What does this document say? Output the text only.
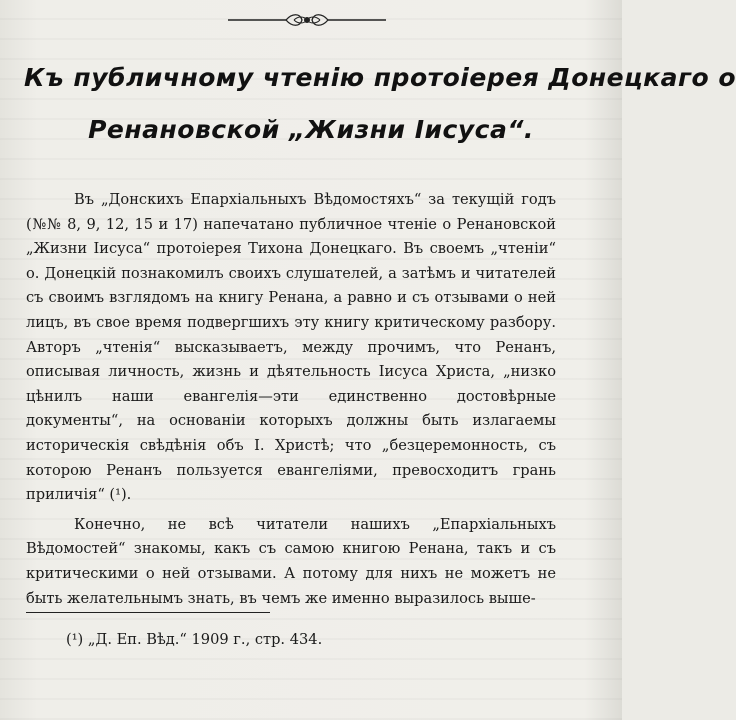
Къ публичному чтенію протоіерея Донецкаго о
Ренановской „Жизни Іисуса“.

Въ „Донскихъ Епархіальныхъ Вѣдомостяхъ“ за текущій годъ (№№ 8, 9, 12, 15 и 17) напечатано публичное чтеніе о Ренановской „Жизни Іисуса“ протоіерея Тихона Донецкаго. Въ своемъ „чтеніи“ о. Донецкій познакомилъ своихъ слушателей, а затѣмъ и читателей съ своимъ взглядомъ на книгу Ренана, а равно и съ отзывами о ней лицъ, въ свое время подвергшихъ эту книгу критическому разбору. Авторъ „чтенія“ высказываетъ, между прочимъ, что Ренанъ, описывая личность, жизнь и дѣятельность Іисуса Христа, „низко цѣнилъ наши евангелія—эти единственно достовѣрные документы“, на основаніи которыхъ должны быть излагаемы историческія свѣдѣнія объ І. Христѣ; что „безцеремонность, съ которою Ренанъ пользуется евангеліями, превосходитъ грань приличія“ (¹).

Конечно, не всѣ читатели нашихъ „Епархіальныхъ Вѣдомостей“ знакомы, какъ съ самою книгою Ренана, такъ и съ критическими о ней отзывами. А потому для нихъ не можетъ не быть желательнымъ знать, въ чемъ же именно выразилось выше-

(¹) „Д. Еп. Вѣд.“ 1909 г., стр. 434.
